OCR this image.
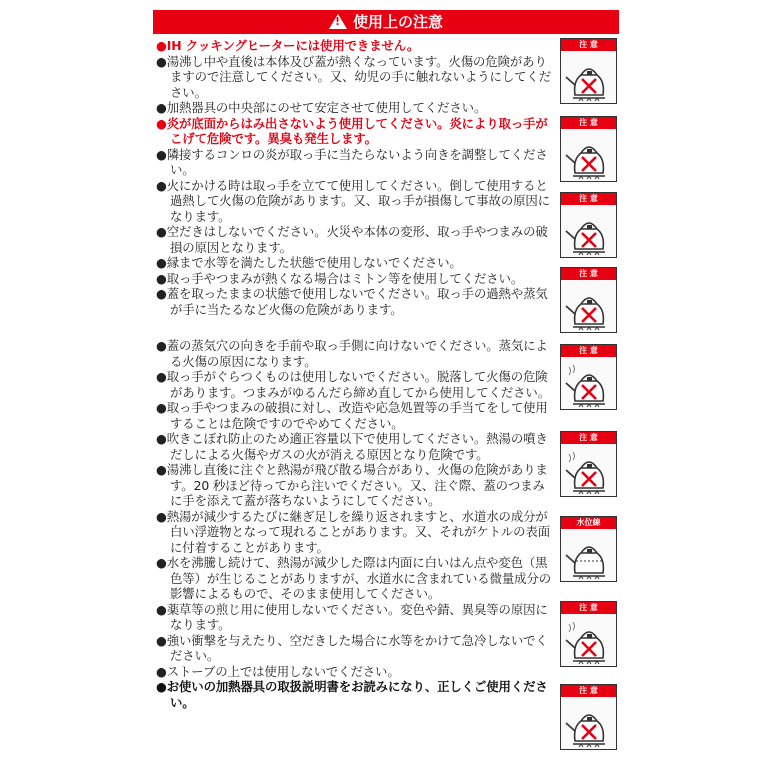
!使用上の注意
●IH クッキングヒーターには使用できません。
●湯沸し中や直後は本体及び蓋が熱くなっています。火傷の危険がありますので注意してください。又、幼児の手に触れないようにしてください。
●加熱器具の中央部にのせて安定させて使用してください。
●炎が底面からはみ出さないよう使用してください。炎により取っ手がこげて危険です。異臭も発生します。
●隣接するコンロの炎が取っ手に当たらないよう向きを調整してください。
●火にかける時は取っ手を立てて使用してください。倒して使用すると過熱して火傷の危険があります。又、取っ手が損傷して事故の原因になります。
●空だきはしないでください。火災や本体の変形、取っ手やつまみの破損の原因となります。
●縁まで水等を満たした状態で使用しないでください。
●取っ手やつまみが熱くなる場合はミトン等を使用してください。
●蓋を取ったままの状態で使用しないでください。取っ手の過熱や蒸気が手に当たるなど火傷の危険があります。
●蓋の蒸気穴の向きを手前や取っ手側に向けないでください。蒸気による火傷の原因になります。
●取っ手がぐらつくものは使用しないでください。脱落して火傷の危険があります。つまみがゆるんだら締め直してから使用してください。
●取っ手やつまみの破損に対し、改造や応急処置等の手当てをして使用することは危険ですのでやめてください。
●吹きこぼれ防止のため適正容量以下で使用してください。熱湯の噴きだしによる火傷やガスの火が消える原因となり危険です。
●湯沸し直後に注ぐと熱湯が飛び散る場合があり、火傷の危険があります。20 秒ほど待ってから注いでください。又、注ぐ際、蓋のつまみに手を添えて蓋が落ちないようにしてください。
●熱湯が減少するたびに継ぎ足しを繰り返されますと、水道水の成分が白い浮遊物となって現れることがあります。又、それがケトルの表面に付着することがあります。
●水を沸騰し続けて、熱湯が減少した際は内面に白いはん点や変色（黒色等）が生じることがありますが、水道水に含まれている微量成分の影響によるもので、そのまま使用してください。
●薬草等の煎じ用に使用しないでください。変色や錆、異臭等の原因になります。
●強い衝撃を与えたり、空だきした場合に水等をかけて急冷しないでください。
●ストーブの上では使用しないでください。
●お使いの加熱器具の取扱説明書をお読みになり、正しくご使用ください。
注 意
注 意
注 意
注 意
注 意
注 意
水位線
注 意
注 意
